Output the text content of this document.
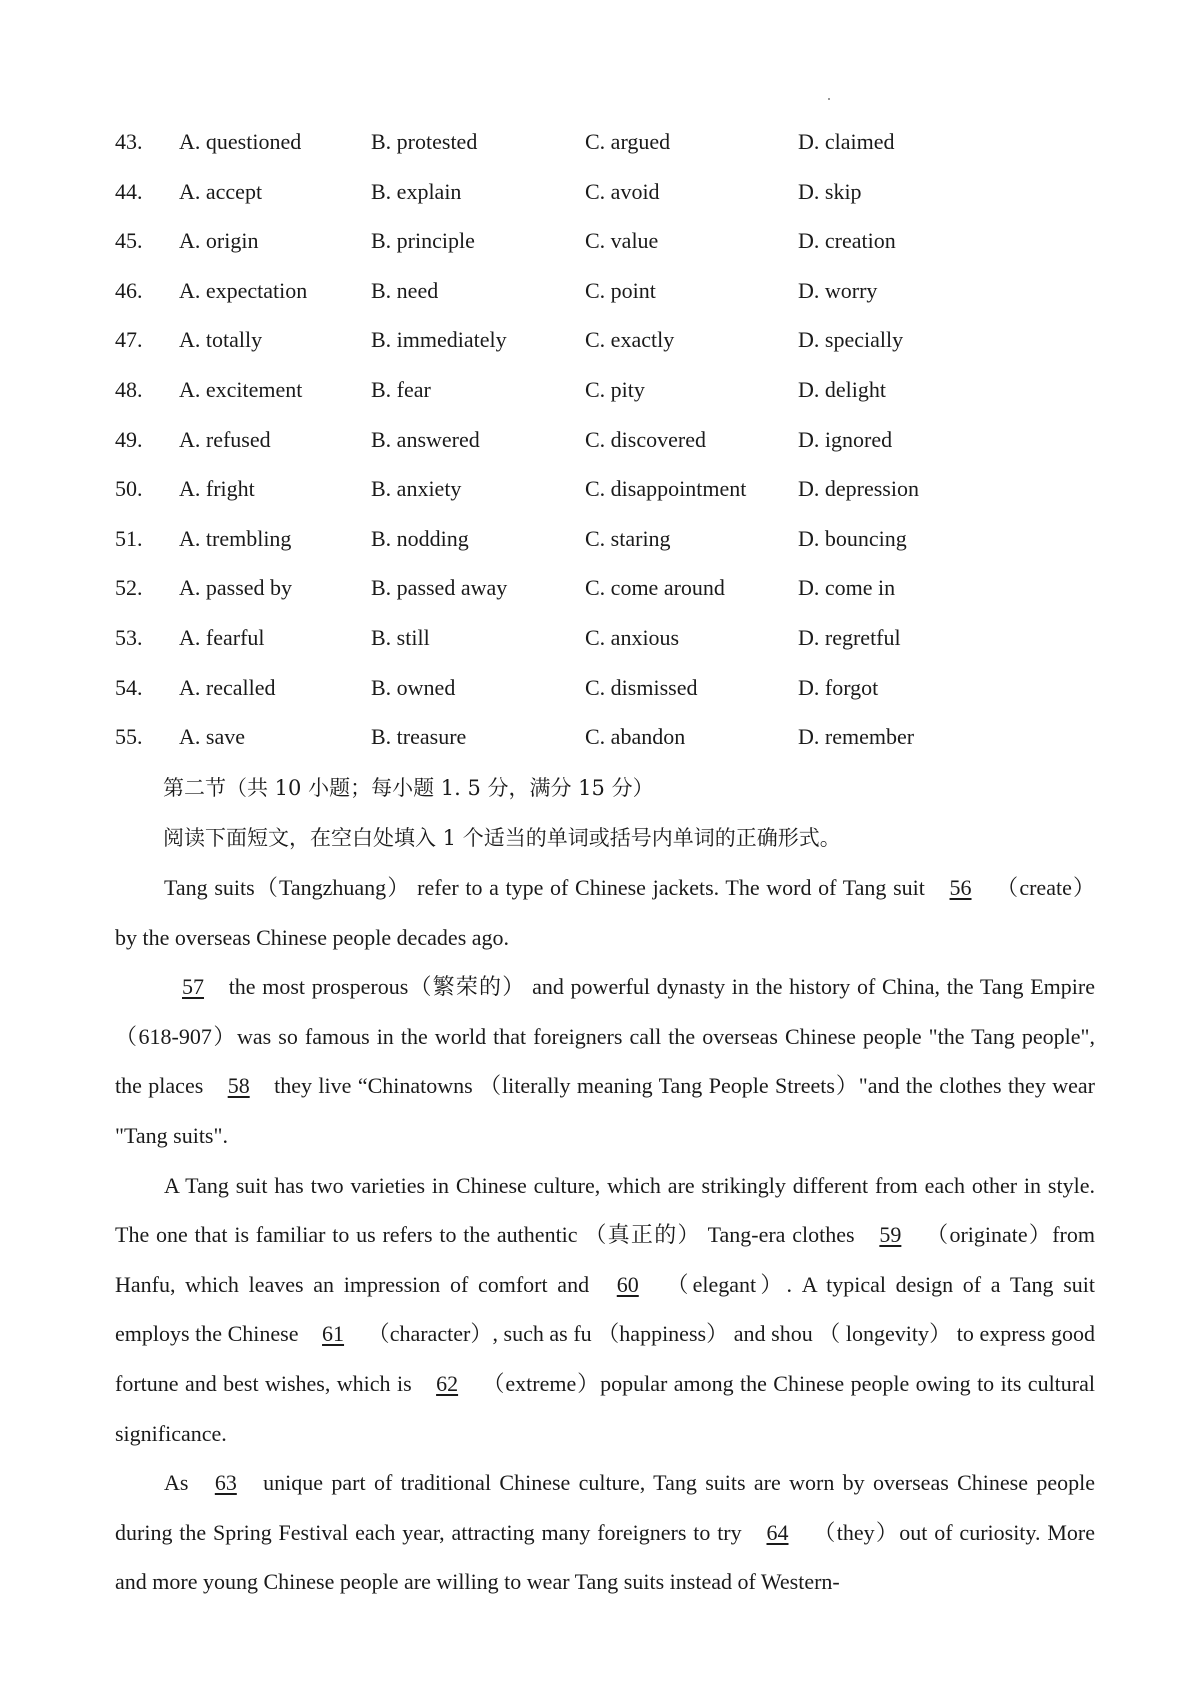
43. A. questioned	B. protested	C. argued	D. claimed
44. A. accept	B. explain	C. avoid	D. skip
45. A. origin	B. principle	C. value	D. creation
46. A. expectation	B. need	C. point	D. worry
47. A. totally	B. immediately	C. exactly	D. specially
48. A. excitement	B. fear	C. pity	D. delight
49. A. refused	B. answered	C. discovered	D. ignored
50. A. fright	B. anxiety	C. disappointment D. depression
51. A. trembling	B. nodding	C. staring	D. bouncing
52. A. passed by	B. passed away	C. come around	D. come in
53. A. fearful	B. still	C. anxious	D. regretful
54. A. recalled	B. owned	C. dismissed	D. forgot
55. A. save	B. treasure	C. abandon	D. remember
第二节（共 10 小题；每小题 1. 5 分，满分 15 分）
阅读下面短文，在空白处填入 1 个适当的单词或括号内单词的正确形式。

Tang suits（Tangzhuang） refer to a type of Chinese jackets. The word of Tang suit 56 （create） by the overseas Chinese people decades ago.

57 the most prosperous（繁荣的） and powerful dynasty in the history of China, the Tang Empire （618-907）was so famous in the world that foreigners call the overseas Chinese people "the Tang people", the places 58 they live “Chinatowns （literally meaning Tang People Streets）"and the clothes they wear "Tang suits".

A Tang suit has two varieties in Chinese culture, which are strikingly different from each other in style. The one that is familiar to us refers to the authentic （真正的） Tang-era clothes 59 （originate）from Hanfu, which leaves an impression of comfort and 60 （elegant）. A typical design of a Tang suit employs the Chinese 61 （character）, such as fu （happiness） and shou （ longevity） to express good fortune and best wishes, which is 62 （extreme）popular among the Chinese people owing to its cultural significance.

As 63 unique part of traditional Chinese culture, Tang suits are worn by overseas Chinese people during the Spring Festival each year, attracting many foreigners to try 64 （they）out of curiosity. More and more young Chinese people are willing to wear Tang suits instead of Western-
